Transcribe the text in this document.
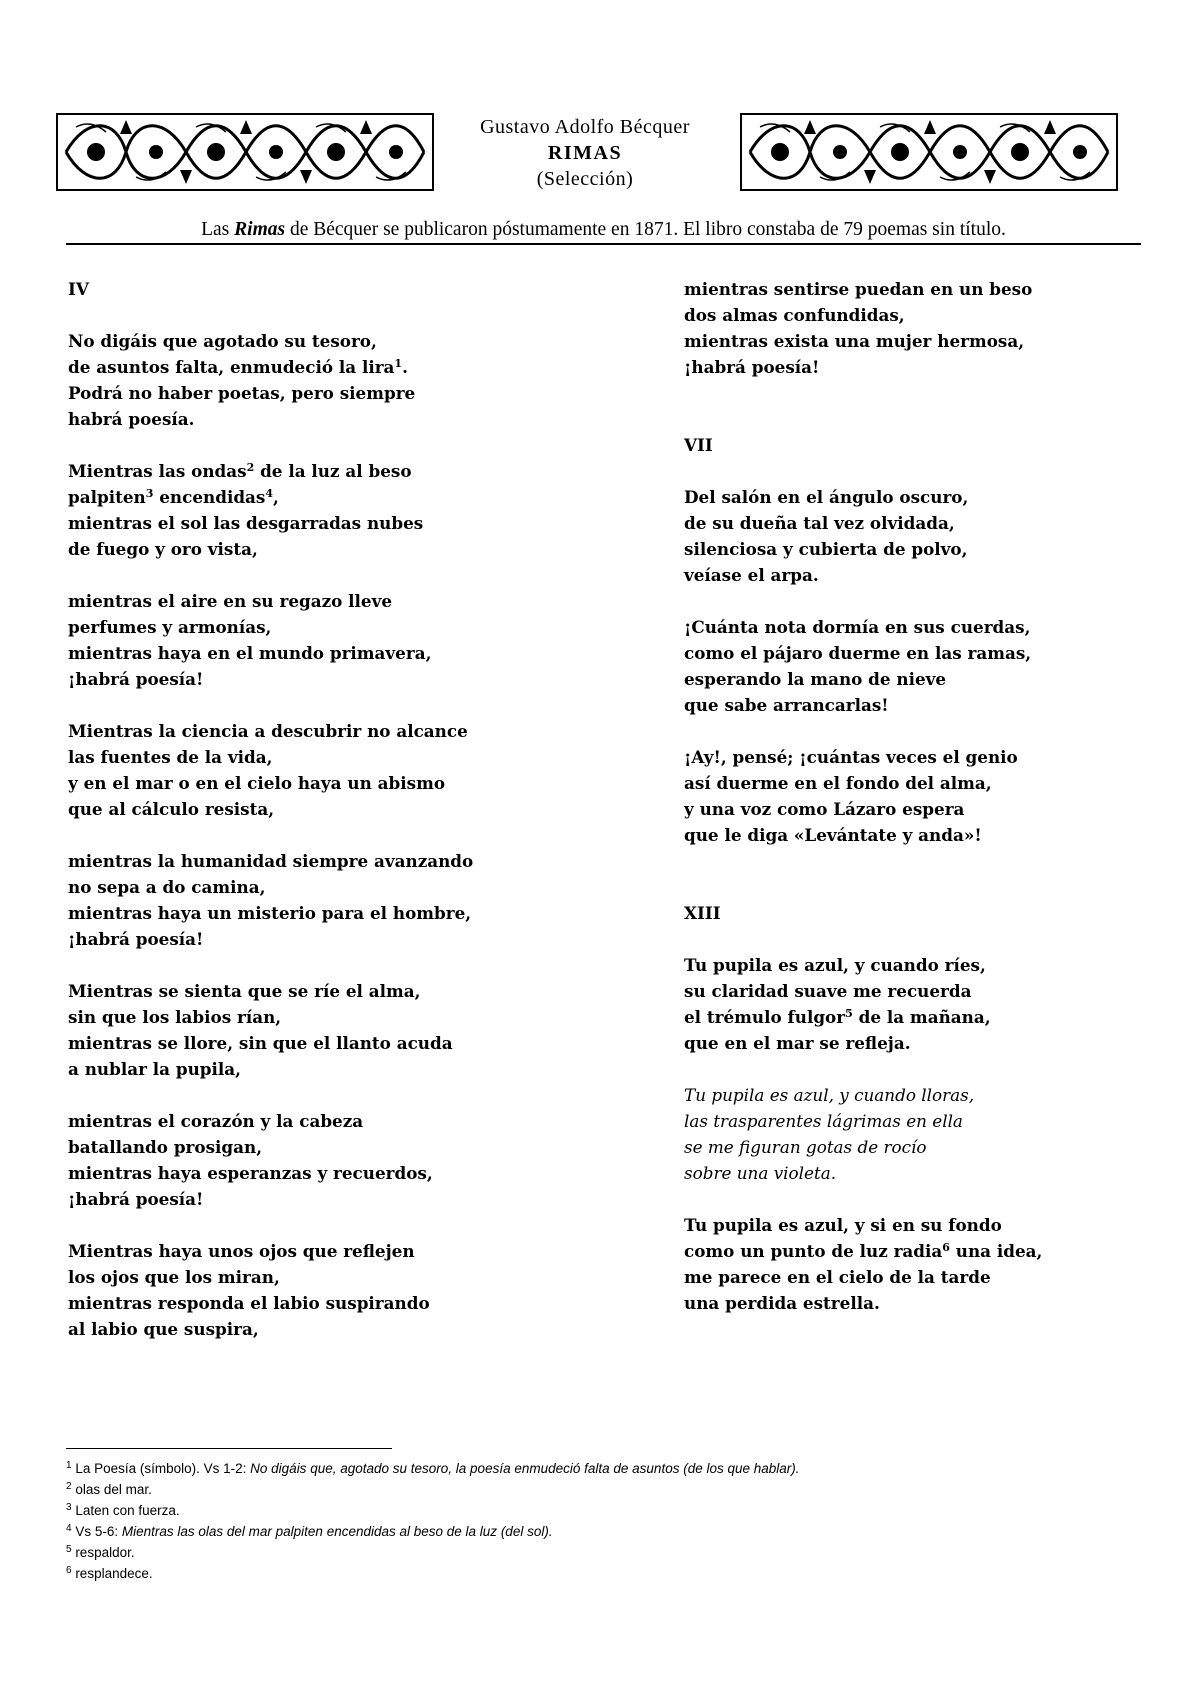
Gustavo Adolfo Bécquer
RIMAS
(Selección)
Las Rimas de Bécquer se publicaron póstumamente en 1871. El libro constaba de 79 poemas sin título.
IV
No digáis que agotado su tesoro,
de asuntos falta, enmudeció la lira$^1$.
Podrá no haber poetas, pero siempre
habrá poesía.
Mientras las ondas$^2$ de la luz al beso
palpiten$^3$ encendidas$^4$,
mientras el sol las desgarradas nubes
de fuego y oro vista,
mientras el aire en su regazo lleve
perfumes y armonías,
mientras haya en el mundo primavera,
¡habrá poesía!
Mientras la ciencia a descubrir no alcance
las fuentes de la vida,
y en el mar o en el cielo haya un abismo
que al cálculo resista,
mientras la humanidad siempre avanzando
no sepa a do camina,
mientras haya un misterio para el hombre,
¡habrá poesía!
Mientras se sienta que se ríe el alma,
sin que los labios rían,
mientras se llore, sin que el llanto acuda
a nublar la pupila,
mientras el corazón y la cabeza
batallando prosigan,
mientras haya esperanzas y recuerdos,
¡habrá poesía!
Mientras haya unos ojos que reflejen
los ojos que los miran,
mientras responda el labio suspirando
al labio que suspira,
mientras sentirse puedan en un beso
dos almas confundidas,
mientras exista una mujer hermosa,
¡habrá poesía!
VII
Del salón en el ángulo oscuro,
de su dueña tal vez olvidada,
silenciosa y cubierta de polvo,
veíase el arpa.
¡Cuánta nota dormía en sus cuerdas,
como el pájaro duerme en las ramas,
esperando la mano de nieve
que sabe arrancarlas!
¡Ay!, pensé; ¡cuántas veces el genio
así duerme en el fondo del alma,
y una voz como Lázaro espera
que le diga «Levántate y anda»!
XIII
Tu pupila es azul, y cuando ríes,
su claridad suave me recuerda
el trémulo fulgor$^5$ de la mañana,
que en el mar se refleja.
Tu pupila es azul, y cuando lloras,
las trasparentes lágrimas en ella
se me figuran gotas de rocío
sobre una violeta.
Tu pupila es azul, y si en su fondo
como un punto de luz radia$^6$ una idea,
me parece en el cielo de la tarde
una perdida estrella.
$^1$ La Poesía (símbolo). Vs 1-2: No digáis que, agotado su tesoro, la poesía enmudeció falta de asuntos (de los que hablar).
$^2$ olas del mar.
$^3$ Laten con fuerza.
$^4$ Vs 5-6: Mientras las olas del mar palpiten encendidas al beso de la luz (del sol).
$^5$ respaldor.
$^6$ resplandece.
